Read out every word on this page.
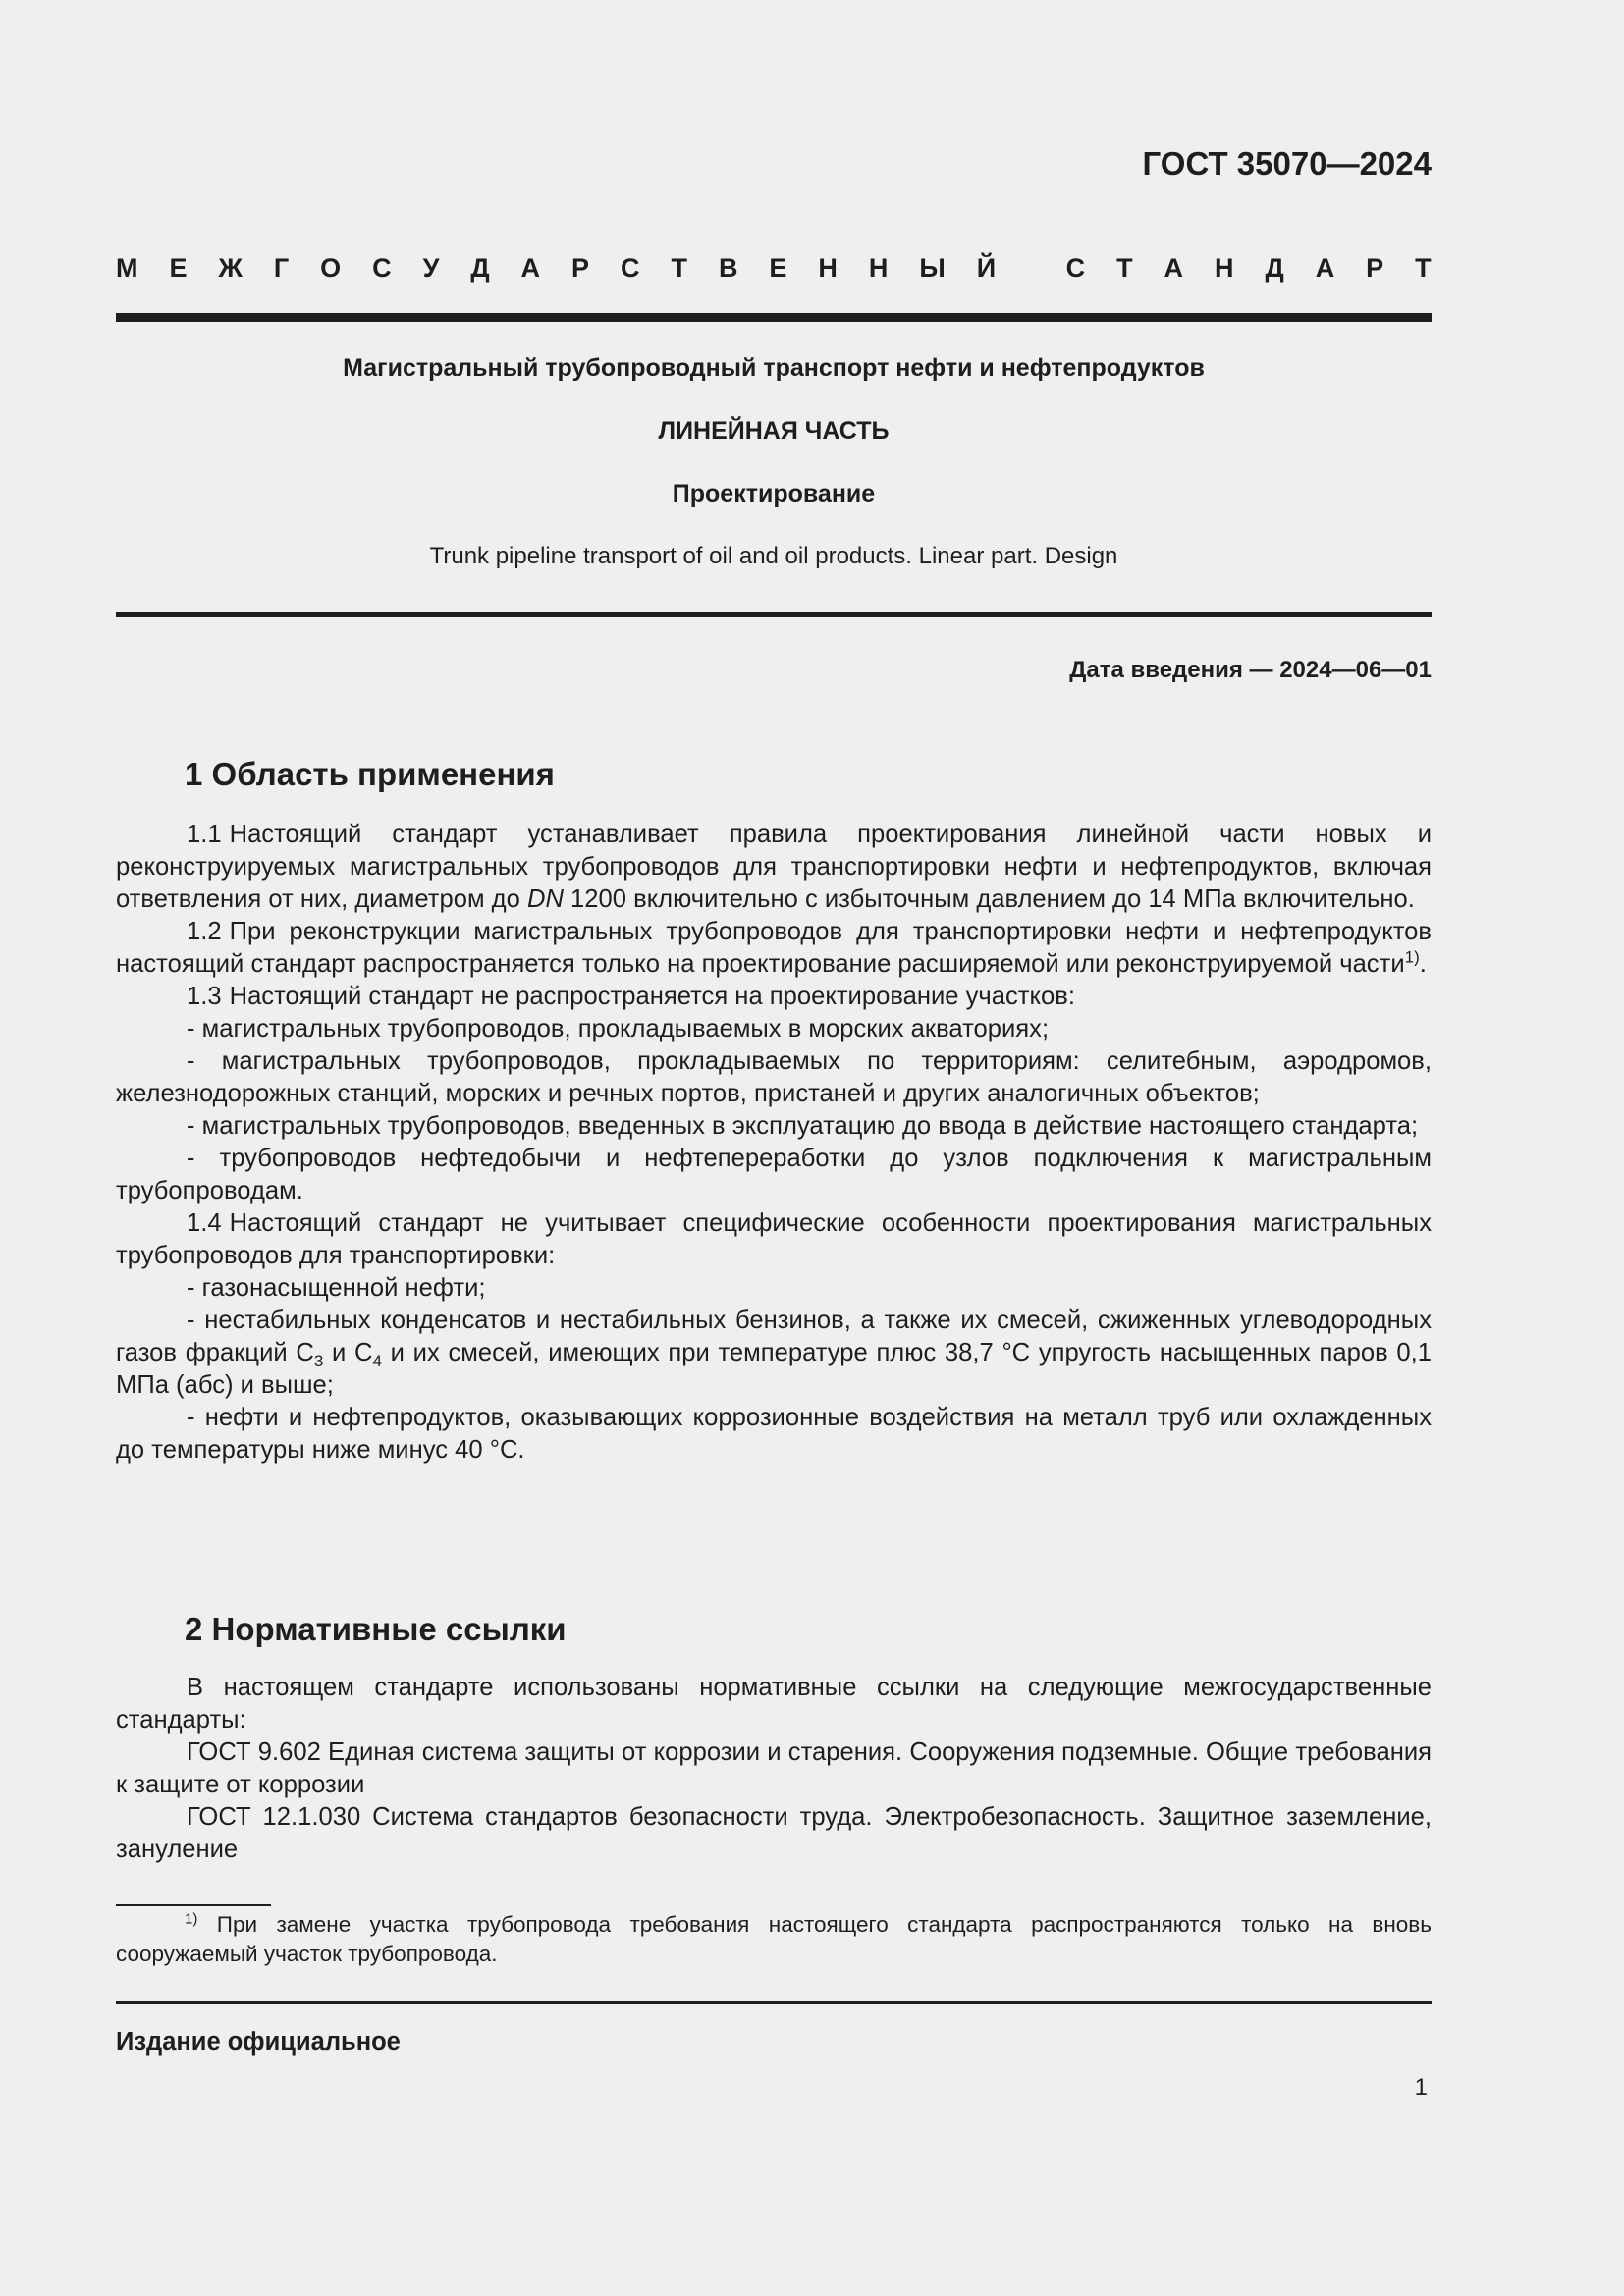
ГОСТ 35070—2024
М Е Ж Г О С У Д А Р С Т В Е Н Н Ы Й
	С Т А Н Д А Р Т
Магистральный трубопроводный транспорт нефти и нефтепродуктов
ЛИНЕЙНАЯ ЧАСТЬ
Проектирование
Trunk pipeline transport of oil and oil products. Linear part. Design
Дата введения — 2024—06—01
1 Область применения

1.1 Настоящий стандарт устанавливает правила проектирования линейной части новых и реконструируемых магистральных трубопроводов для транспортировки нефти и нефтепродуктов, включая ответвления от них, диаметром до DN 1200 включительно с избыточным давлением до 14 МПа включительно.

1.2 При реконструкции магистральных трубопроводов для транспортировки нефти и нефтепродуктов настоящий стандарт распространяется только на проектирование расширяемой или реконструируемой части$^{1)}$.

1.3 Настоящий стандарт не распространяется на проектирование участков:

- магистральных трубопроводов, прокладываемых в морских акваториях;

- магистральных трубопроводов, прокладываемых по территориям: селитебным, аэродромов, железнодорожных станций, морских и речных портов, пристаней и других аналогичных объектов;

- магистральных трубопроводов, введенных в эксплуатацию до ввода в действие настоящего стандарта;

- трубопроводов нефтедобычи и нефтепереработки до узлов подключения к магистральным трубопроводам.

1.4 Настоящий стандарт не учитывает специфические особенности проектирования магистральных трубопроводов для транспортировки:

- газонасыщенной нефти;

- нестабильных конденсатов и нестабильных бензинов, а также их смесей, сжиженных углеводородных газов фракций $С_3$ и $С_4$ и их смесей, имеющих при температуре плюс 38,7 °С упругость насыщенных паров 0,1 МПа (абс) и выше;

- нефти и нефтепродуктов, оказывающих коррозионные воздействия на металл труб или охлажденных до температуры ниже минус 40 °С.

2 Нормативные ссылки

В настоящем стандарте использованы нормативные ссылки на следующие межгосударственные стандарты:

ГОСТ 9.602 Единая система защиты от коррозии и старения. Сооружения подземные. Общие требования к защите от коррозии

ГОСТ 12.1.030 Система стандартов безопасности труда. Электробезопасность. Защитное заземление, зануление

$^{1)}$ При замене участка трубопровода требования настоящего стандарта распространяются только на вновь сооружаемый участок трубопровода.

Издание официальное
1
